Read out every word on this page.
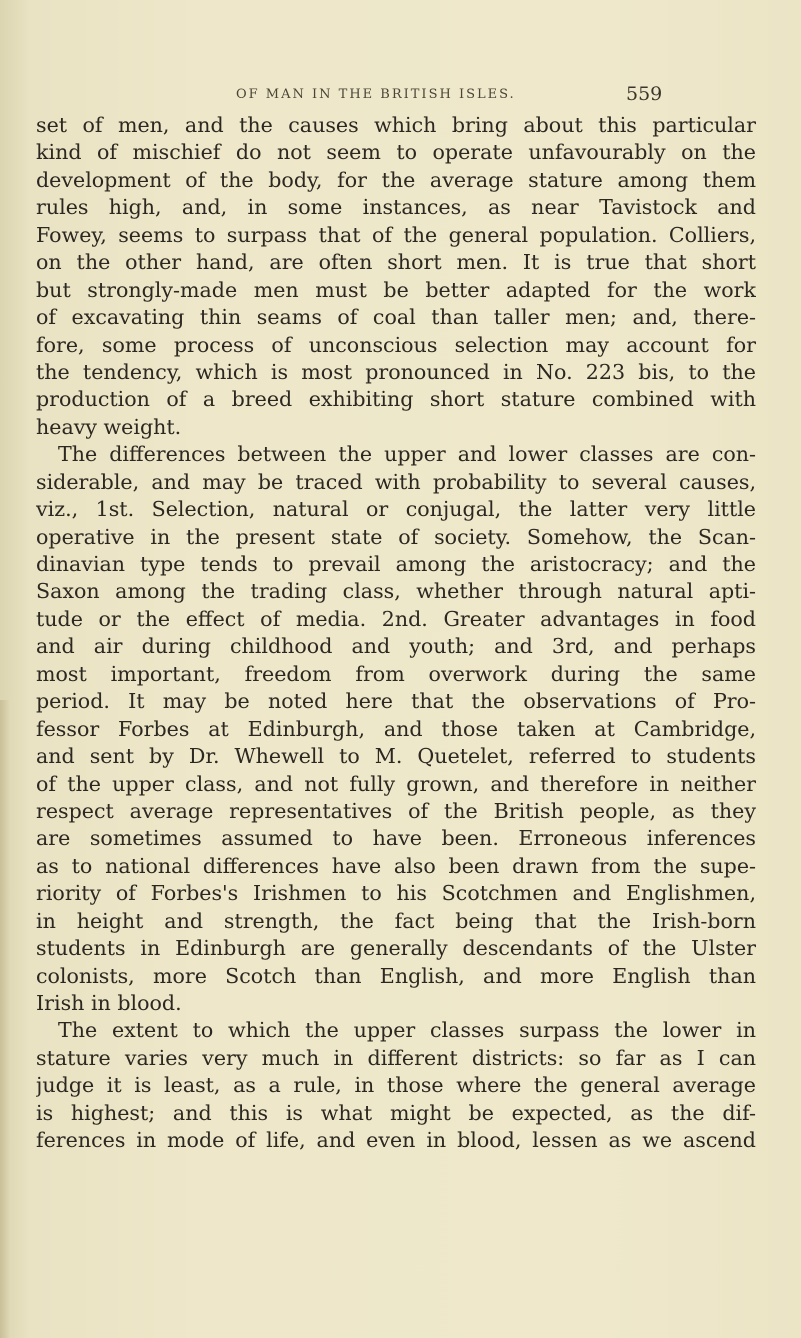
OF MAN IN THE BRITISH ISLES.	559
set of men, and the causes which bring about this particular
kind of mischief do not seem to operate unfavourably on the
development of the body, for the average stature among them
rules high, and, in some instances, as near Tavistock and
Fowey, seems to surpass that of the general population. Colliers,
on the other hand, are often short men. It is true that short
but strongly-made men must be better adapted for the work
of excavating thin seams of coal than taller men; and, there-
fore, some process of unconscious selection may account for
the tendency, which is most pronounced in No. 223 bis, to the
production of a breed exhibiting short stature combined with
heavy weight.
The differences between the upper and lower classes are con-
siderable, and may be traced with probability to several causes,
viz., 1st. Selection, natural or conjugal, the latter very little
operative in the present state of society. Somehow, the Scan-
dinavian type tends to prevail among the aristocracy; and the
Saxon among the trading class, whether through natural apti-
tude or the effect of media. 2nd. Greater advantages in food
and air during childhood and youth; and 3rd, and perhaps
most important, freedom from overwork during the same
period. It may be noted here that the observations of Pro-
fessor Forbes at Edinburgh, and those taken at Cambridge,
and sent by Dr. Whewell to M. Quetelet, referred to students
of the upper class, and not fully grown, and therefore in neither
respect average representatives of the British people, as they
are sometimes assumed to have been. Erroneous inferences
as to national differences have also been drawn from the supe-
riority of Forbes's Irishmen to his Scotchmen and Englishmen,
in height and strength, the fact being that the Irish-born
students in Edinburgh are generally descendants of the Ulster
colonists, more Scotch than English, and more English than
Irish in blood.
The extent to which the upper classes surpass the lower in
stature varies very much in different districts: so far as I can
judge it is least, as a rule, in those where the general average
is highest; and this is what might be expected, as the dif-
ferences in mode of life, and even in blood, lessen as we ascend
